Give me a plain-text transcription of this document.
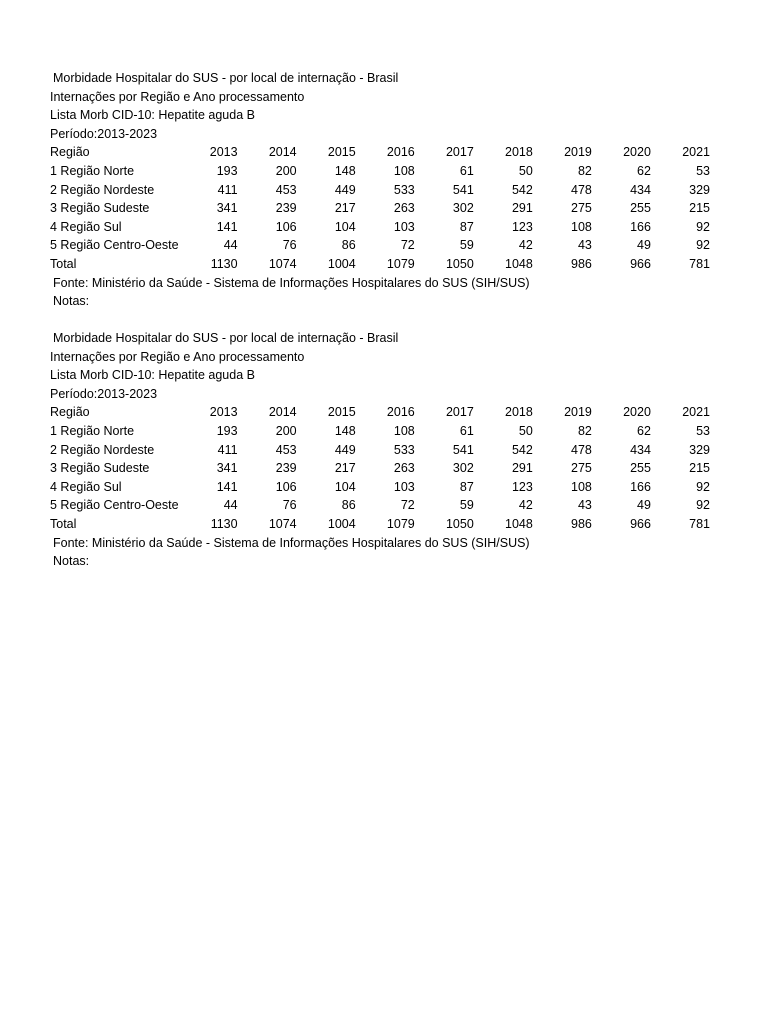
Morbidade Hospitalar do SUS - por local de internação - Brasil
Internações por Região e Ano processamento
Lista Morb CID-10: Hepatite aguda B
Período:2013-2023
Região	2013	2014	2015	2016	2017	2018	2019	2020	2021
1 Região Norte	193	200	148	108	61	50	82	62	53
2 Região Nordeste	411	453	449	533	541	542	478	434	329
3 Região Sudeste	341	239	217	263	302	291	275	255	215
4 Região Sul	141	106	104	103	87	123	108	166	92
5 Região Centro-Oeste	44	76	86	72	59	42	43	49	92
Total	1130	1074	1004	1079	1050	1048	986	966	781
Fonte: Ministério da Saúde - Sistema de Informações Hospitalares do SUS (SIH/SUS)
Notas:
Morbidade Hospitalar do SUS - por local de internação - Brasil
Internações por Região e Ano processamento
Lista Morb CID-10: Hepatite aguda B
Período:2013-2023
Região	2013	2014	2015	2016	2017	2018	2019	2020	2021
1 Região Norte	193	200	148	108	61	50	82	62	53
2 Região Nordeste	411	453	449	533	541	542	478	434	329
3 Região Sudeste	341	239	217	263	302	291	275	255	215
4 Região Sul	141	106	104	103	87	123	108	166	92
5 Região Centro-Oeste	44	76	86	72	59	42	43	49	92
Total	1130	1074	1004	1079	1050	1048	986	966	781
Fonte: Ministério da Saúde - Sistema de Informações Hospitalares do SUS (SIH/SUS)
Notas:
